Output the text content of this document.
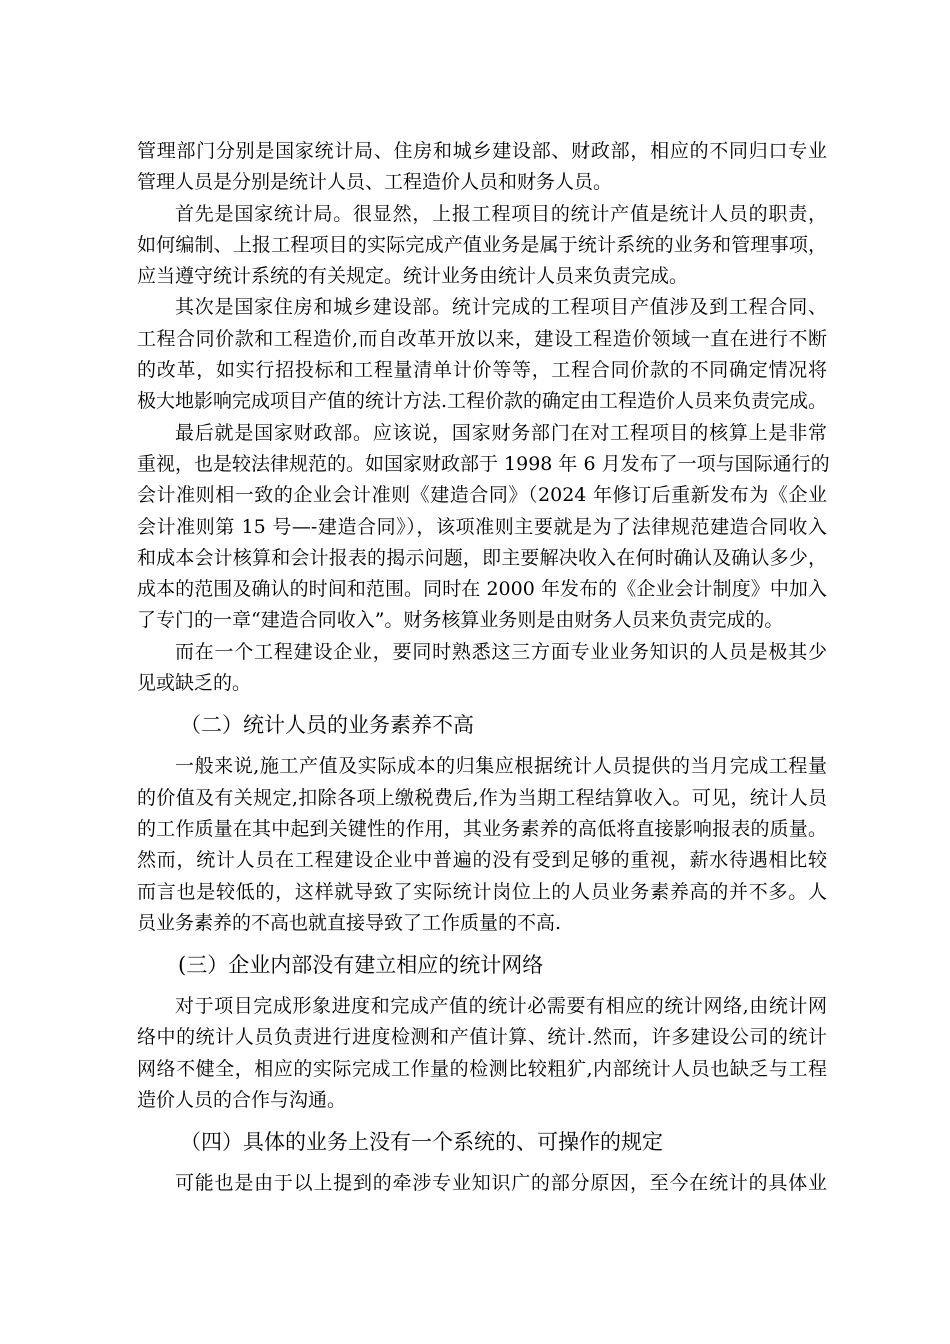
管理部门分别是国家统计局、住房和城乡建设部、财政部，相应的不同归口专业
管理人员是分别是统计人员、工程造价人员和财务人员。
首先是国家统计局。很显然，上报工程项目的统计产值是统计人员的职责，
如何编制、上报工程项目的实际完成产值业务是属于统计系统的业务和管理事项，
应当遵守统计系统的有关规定。统计业务由统计人员来负责完成。
其次是国家住房和城乡建设部。统计完成的工程项目产值涉及到工程合同、
工程合同价款和工程造价,而自改革开放以来，建设工程造价领域一直在进行不断
的改革，如实行招投标和工程量清单计价等等，工程合同价款的不同确定情况将
极大地影响完成项目产值的统计方法.工程价款的确定由工程造价人员来负责完成。
最后就是国家财政部。应该说，国家财务部门在对工程项目的核算上是非常
重视，也是较法律规范的。如国家财政部于 1998 年 6 月发布了一项与国际通行的
会计准则相一致的企业会计准则《建造合同》（2024 年修订后重新发布为《企业
会计准则第 15 号—-建造合同》），该项准则主要就是为了法律规范建造合同收入
和成本会计核算和会计报表的揭示问题，即主要解决收入在何时确认及确认多少，
成本的范围及确认的时间和范围。同时在 2000 年发布的《企业会计制度》中加入
了专门的一章“建造合同收入”。财务核算业务则是由财务人员来负责完成的。
而在一个工程建设企业，要同时熟悉这三方面专业业务知识的人员是极其少
见或缺乏的。
（二）统计人员的业务素养不高
一般来说,施工产值及实际成本的归集应根据统计人员提供的当月完成工程量
的价值及有关规定,扣除各项上缴税费后,作为当期工程结算收入。可见，统计人员
的工作质量在其中起到关键性的作用，其业务素养的高低将直接影响报表的质量。
然而，统计人员在工程建设企业中普遍的没有受到足够的重视，薪水待遇相比较
而言也是较低的，这样就导致了实际统计岗位上的人员业务素养高的并不多。人
员业务素养的不高也就直接导致了工作质量的不高.
(三）企业内部没有建立相应的统计网络
对于项目完成形象进度和完成产值的统计必需要有相应的统计网络,由统计网
络中的统计人员负责进行进度检测和产值计算、统计.然而，许多建设公司的统计
网络不健全，相应的实际完成工作量的检测比较粗犷,内部统计人员也缺乏与工程
造价人员的合作与沟通。
（四）具体的业务上没有一个系统的、可操作的规定
可能也是由于以上提到的牵涉专业知识广的部分原因，至今在统计的具体业
